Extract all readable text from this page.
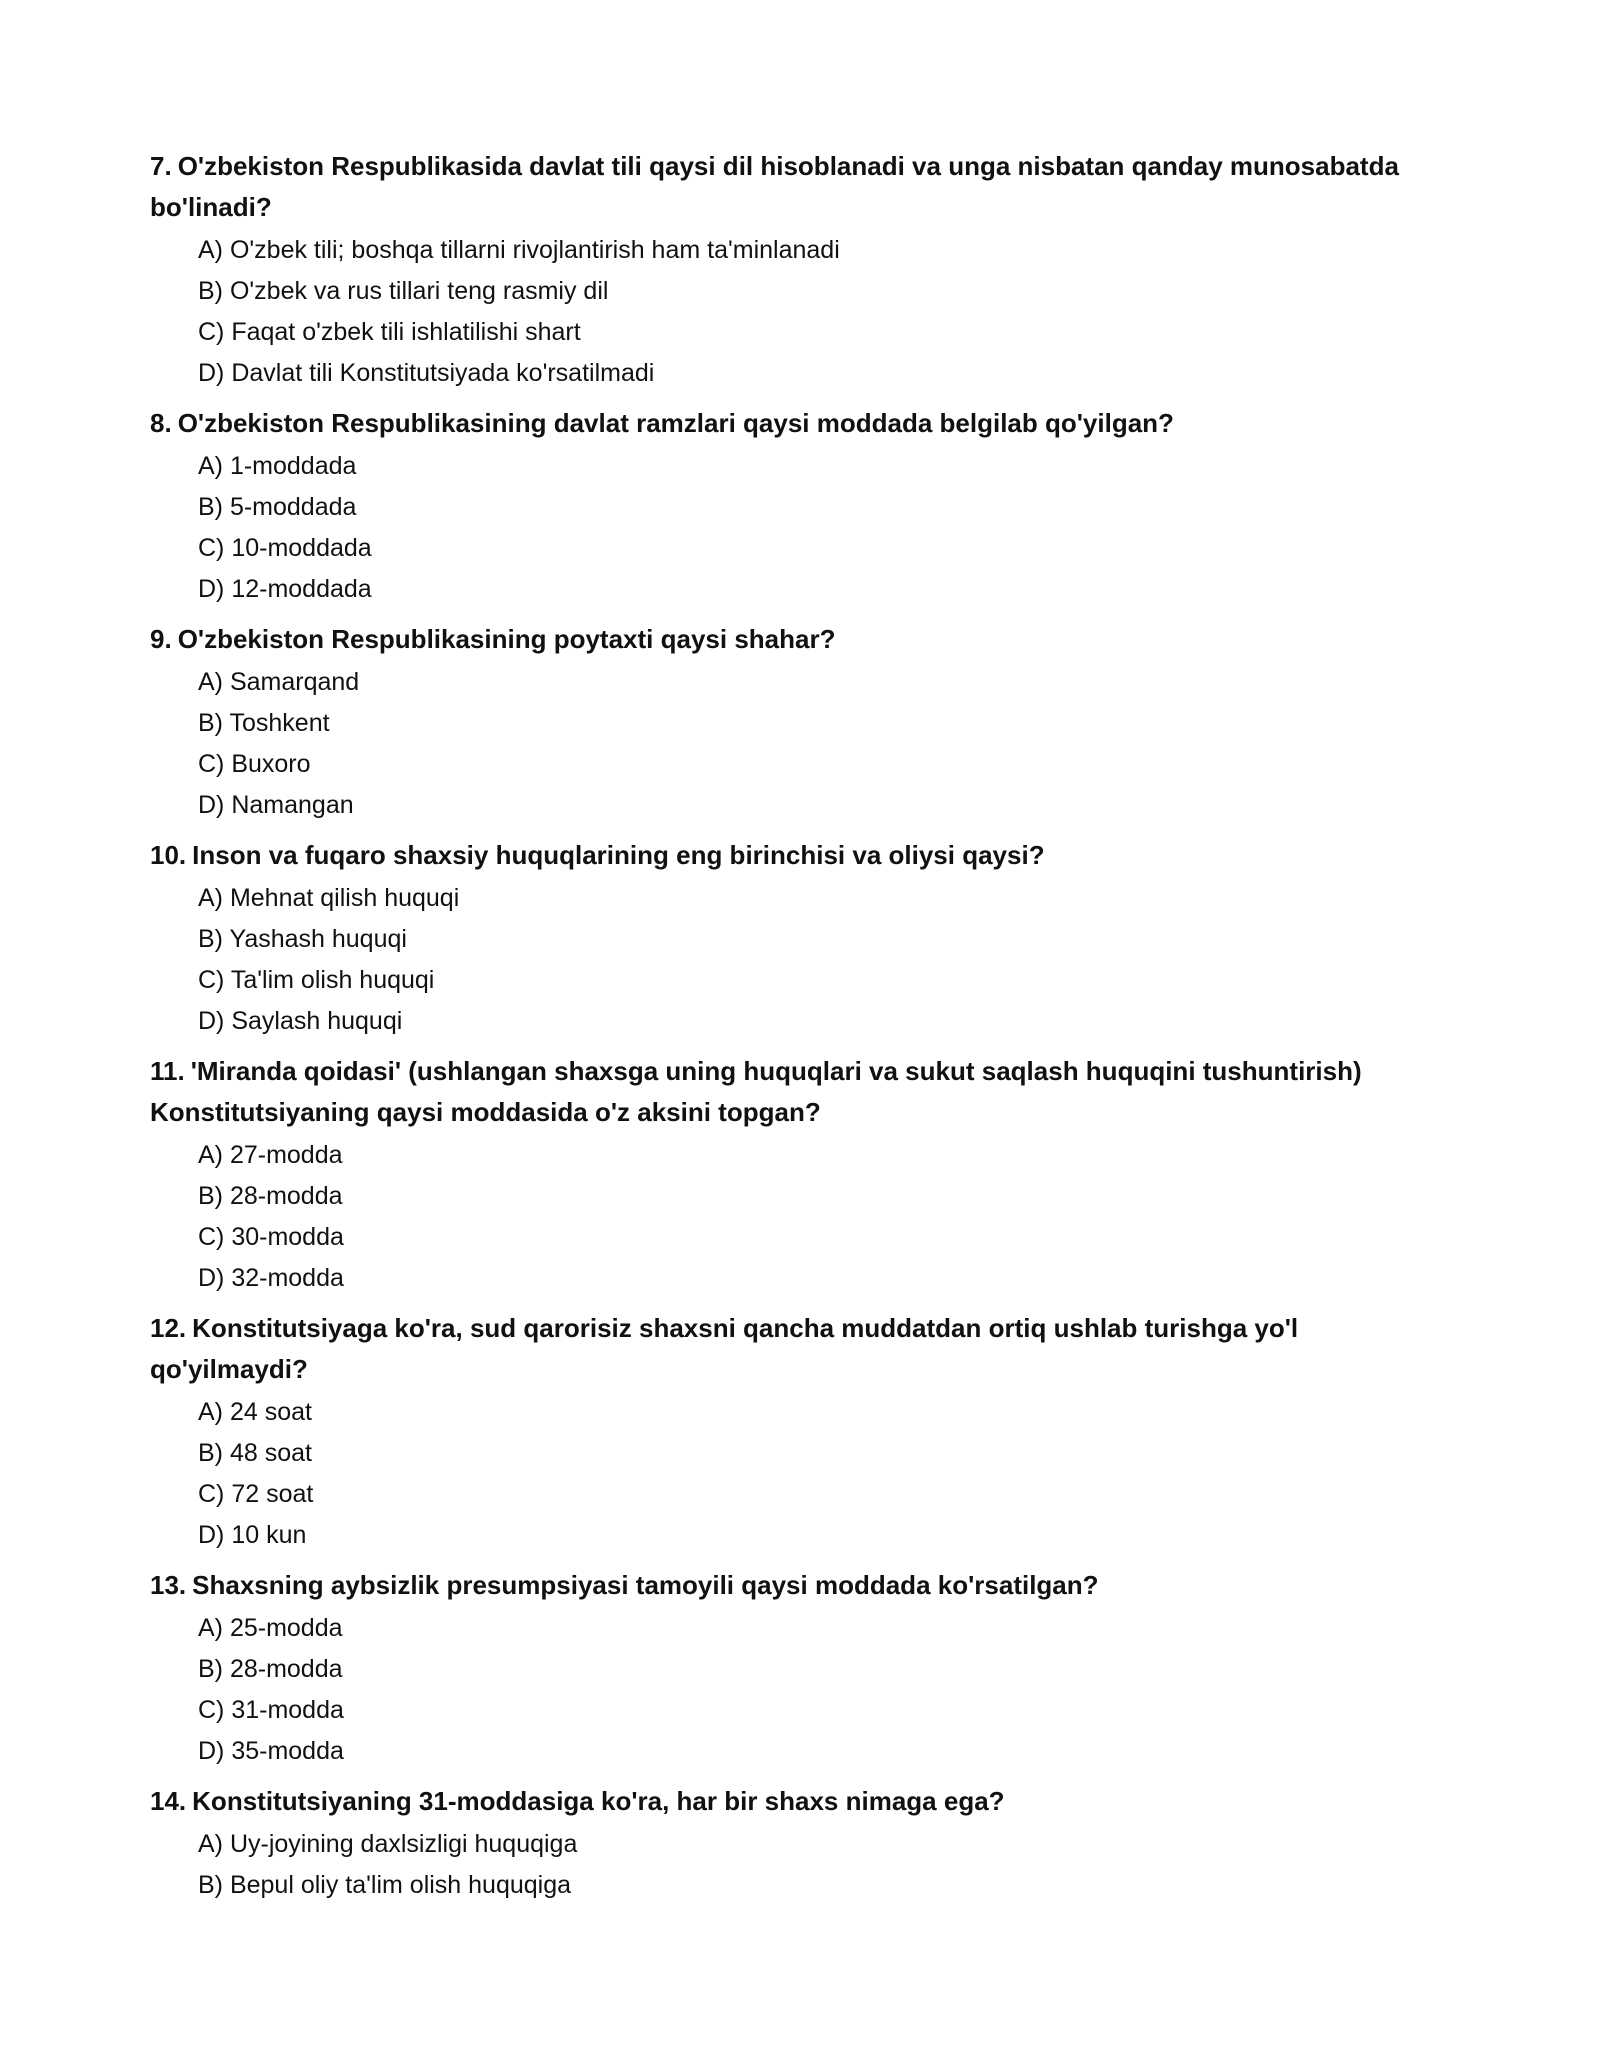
7. O'zbekiston Respublikasida davlat tili qaysi dil hisoblanadi va unga nisbatan qanday munosabatda bo'linadi?

A) O'zbek tili; boshqa tillarni rivojlantirish ham ta'minlanadi
B) O'zbek va rus tillari teng rasmiy dil
C) Faqat o'zbek tili ishlatilishi shart
D) Davlat tili Konstitutsiyada ko'rsatilmadi

8. O'zbekiston Respublikasining davlat ramzlari qaysi moddada belgilab qo'yilgan?

A) 1-moddada
B) 5-moddada
C) 10-moddada
D) 12-moddada

9. O'zbekiston Respublikasining poytaxti qaysi shahar?

A) Samarqand
B) Toshkent
C) Buxoro
D) Namangan

10. Inson va fuqaro shaxsiy huquqlarining eng birinchisi va oliysi qaysi?

A) Mehnat qilish huquqi
B) Yashash huquqi
C) Ta'lim olish huquqi
D) Saylash huquqi

11. 'Miranda qoidasi' (ushlangan shaxsga uning huquqlari va sukut saqlash huquqini tushuntirish) Konstitutsiyaning qaysi moddasida o'z aksini topgan?

A) 27-modda
B) 28-modda
C) 30-modda
D) 32-modda

12. Konstitutsiyaga ko'ra, sud qarorisiz shaxsni qancha muddatdan ortiq ushlab turishga yo'l qo'yilmaydi?

A) 24 soat
B) 48 soat
C) 72 soat
D) 10 kun

13. Shaxsning aybsizlik presumpsiyasi tamoyili qaysi moddada ko'rsatilgan?

A) 25-modda
B) 28-modda
C) 31-modda
D) 35-modda

14. Konstitutsiyaning 31-moddasiga ko'ra, har bir shaxs nimaga ega?

A) Uy-joyining daxlsizligi huquqiga
B) Bepul oliy ta'lim olish huquqiga
